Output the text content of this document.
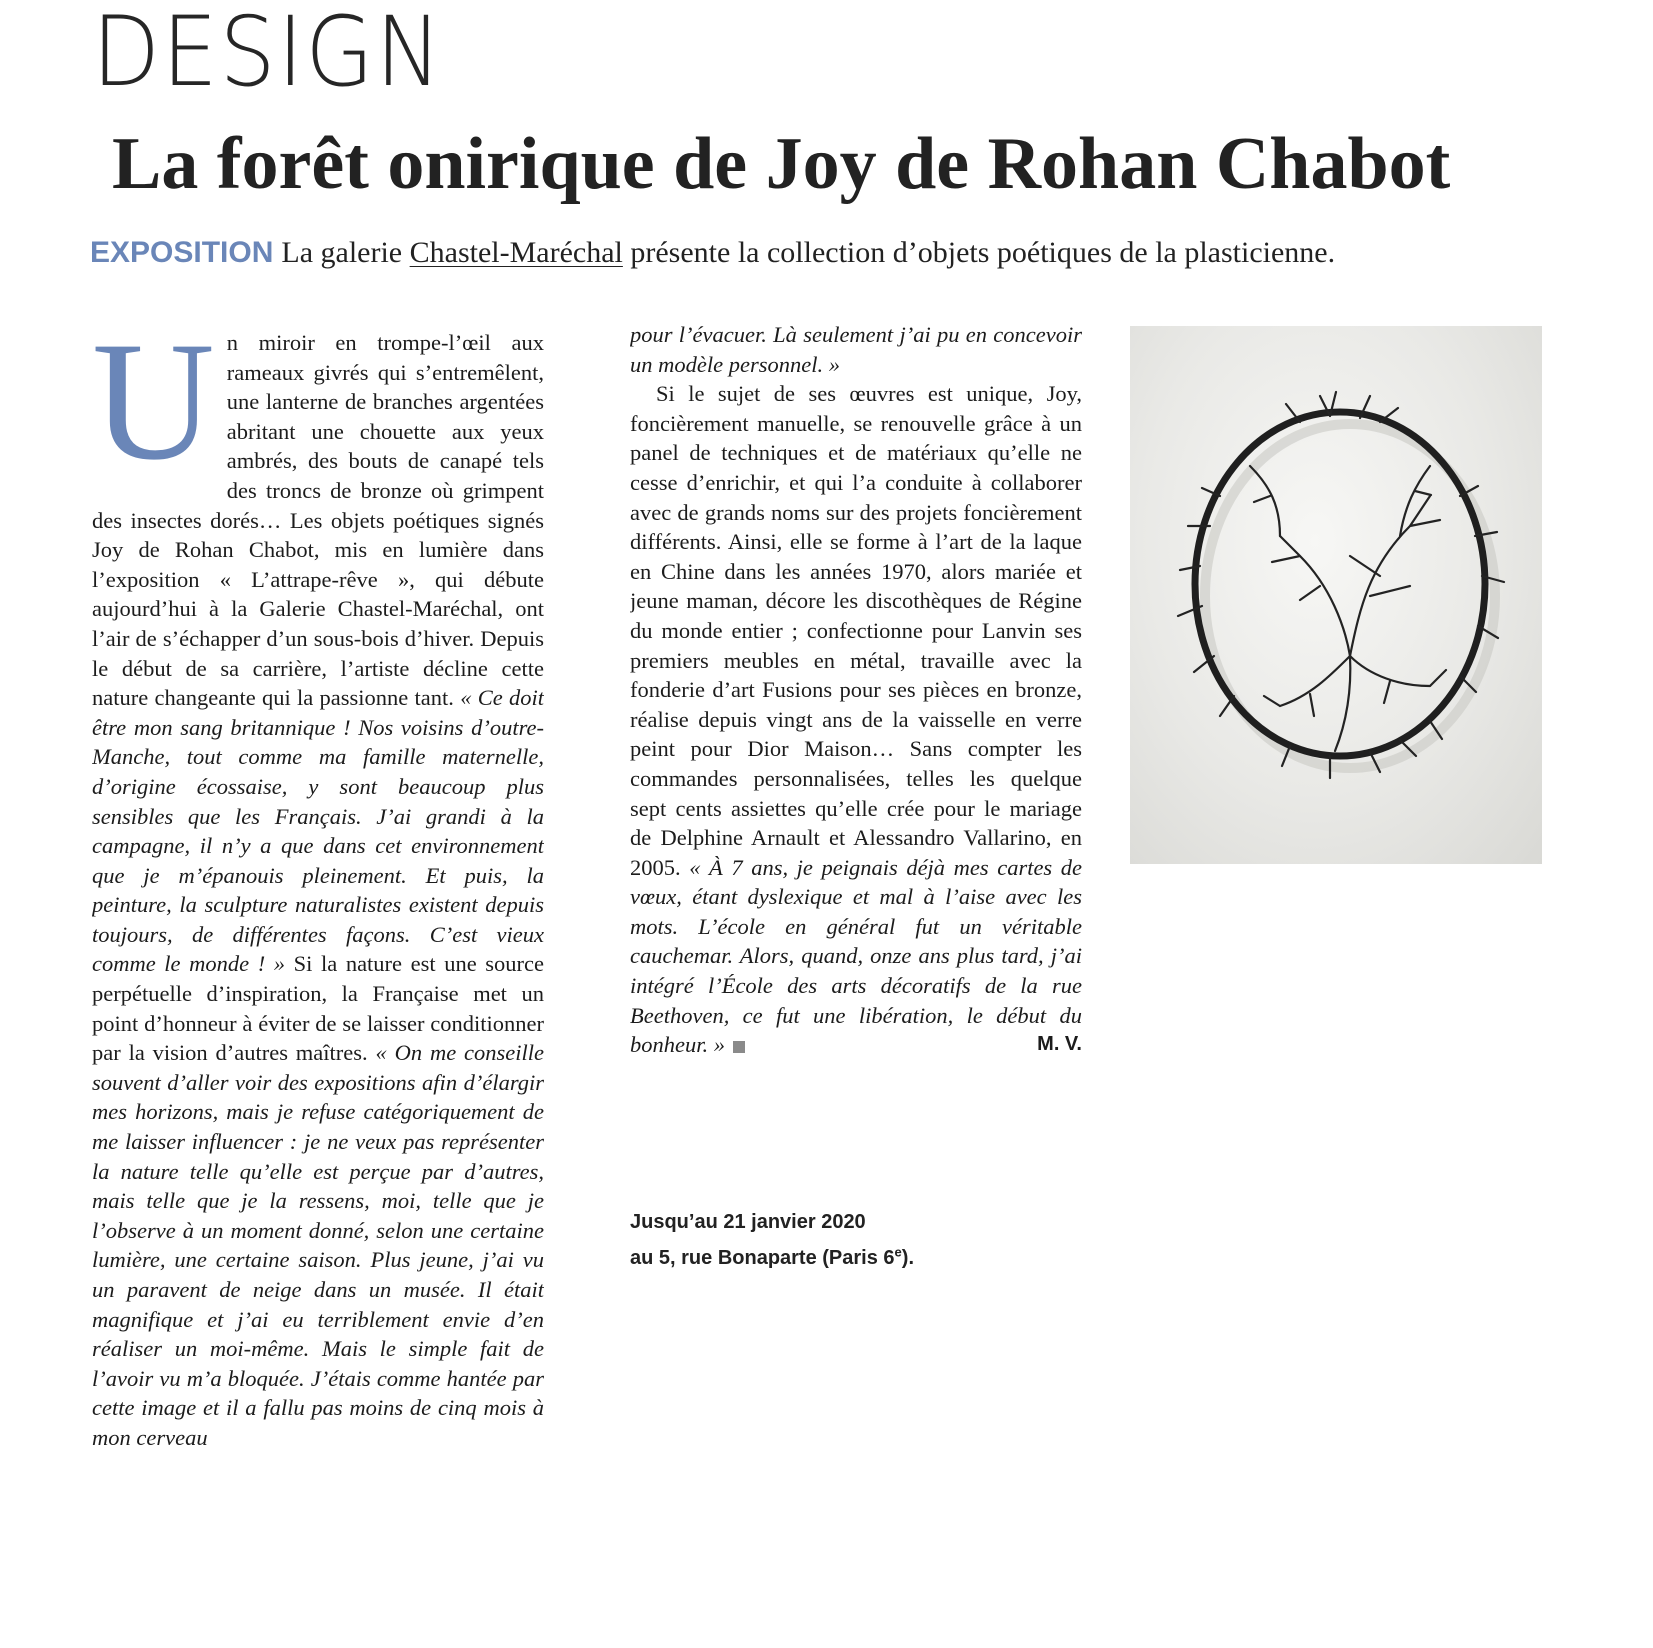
DESIGN
La forêt onirique de Joy de Rohan Chabot

EXPOSITION La galerie Chastel-Maréchal présente la collection d’objets poétiques de la plasticienne.

Un miroir en trompe-l’œil aux rameaux givrés qui s’entremêlent, une lanterne de branches argentées abritant une chouette aux yeux ambrés, des bouts de canapé tels des troncs de bronze où grimpent des insectes dorés… Les objets poétiques signés Joy de Rohan Chabot, mis en lumière dans l’exposition « L’attrape-rêve », qui débute aujourd’hui à la Galerie Chastel-Maréchal, ont l’air de s’échapper d’un sous-bois d’hiver. Depuis le début de sa carrière, l’artiste décline cette nature changeante qui la passionne tant. « Ce doit être mon sang britannique ! Nos voisins d’outre-Manche, tout comme ma famille maternelle, d’origine écossaise, y sont beaucoup plus sensibles que les Français. J’ai grandi à la campagne, il n’y a que dans cet environnement que je m’épanouis pleinement. Et puis, la peinture, la sculpture naturalistes existent depuis toujours, de différentes façons. C’est vieux comme le monde ! » Si la nature est une source perpétuelle d’inspiration, la Française met un point d’honneur à éviter de se laisser conditionner par la vision d’autres maîtres. « On me conseille souvent d’aller voir des expositions afin d’élargir mes horizons, mais je refuse catégoriquement de me laisser influencer : je ne veux pas représenter la nature telle qu’elle est perçue par d’autres, mais telle que je la ressens, moi, telle que je l’observe à un moment donné, selon une certaine lumière, une certaine saison. Plus jeune, j’ai vu un paravent de neige dans un musée. Il était magnifique et j’ai eu terriblement envie d’en réaliser un moi-même. Mais le simple fait de l’avoir vu m’a bloquée. J’étais comme hantée par cette image et il a fallu pas moins de cinq mois à mon cerveau

pour l’évacuer. Là seulement j’ai pu en concevoir un modèle personnel. »

Si le sujet de ses œuvres est unique, Joy, foncièrement manuelle, se renouvelle grâce à un panel de techniques et de matériaux qu’elle ne cesse d’enrichir, et qui l’a conduite à collaborer avec de grands noms sur des projets foncièrement différents. Ainsi, elle se forme à l’art de la laque en Chine dans les années 1970, alors mariée et jeune maman, décore les discothèques de Régine du monde entier ; confectionne pour Lanvin ses premiers meubles en métal, travaille avec la fonderie d’art Fusions pour ses pièces en bronze, réalise depuis vingt ans de la vaisselle en verre peint pour Dior Maison… Sans compter les commandes personnalisées, telles les quelque sept cents assiettes qu’elle crée pour le mariage de Delphine Arnault et Alessandro Vallarino, en 2005. « À 7 ans, je peignais déjà mes cartes de vœux, étant dyslexique et mal à l’aise avec les mots. L’école en général fut un véritable cauchemar. Alors, quand, onze ans plus tard, j’ai intégré l’École des arts décoratifs de la rue Beethoven, ce fut une libération, le début du bonheur. »	M. V.

Jusqu’au 21 janvier 2020
au 5, rue Bonaparte (Paris 6e).
